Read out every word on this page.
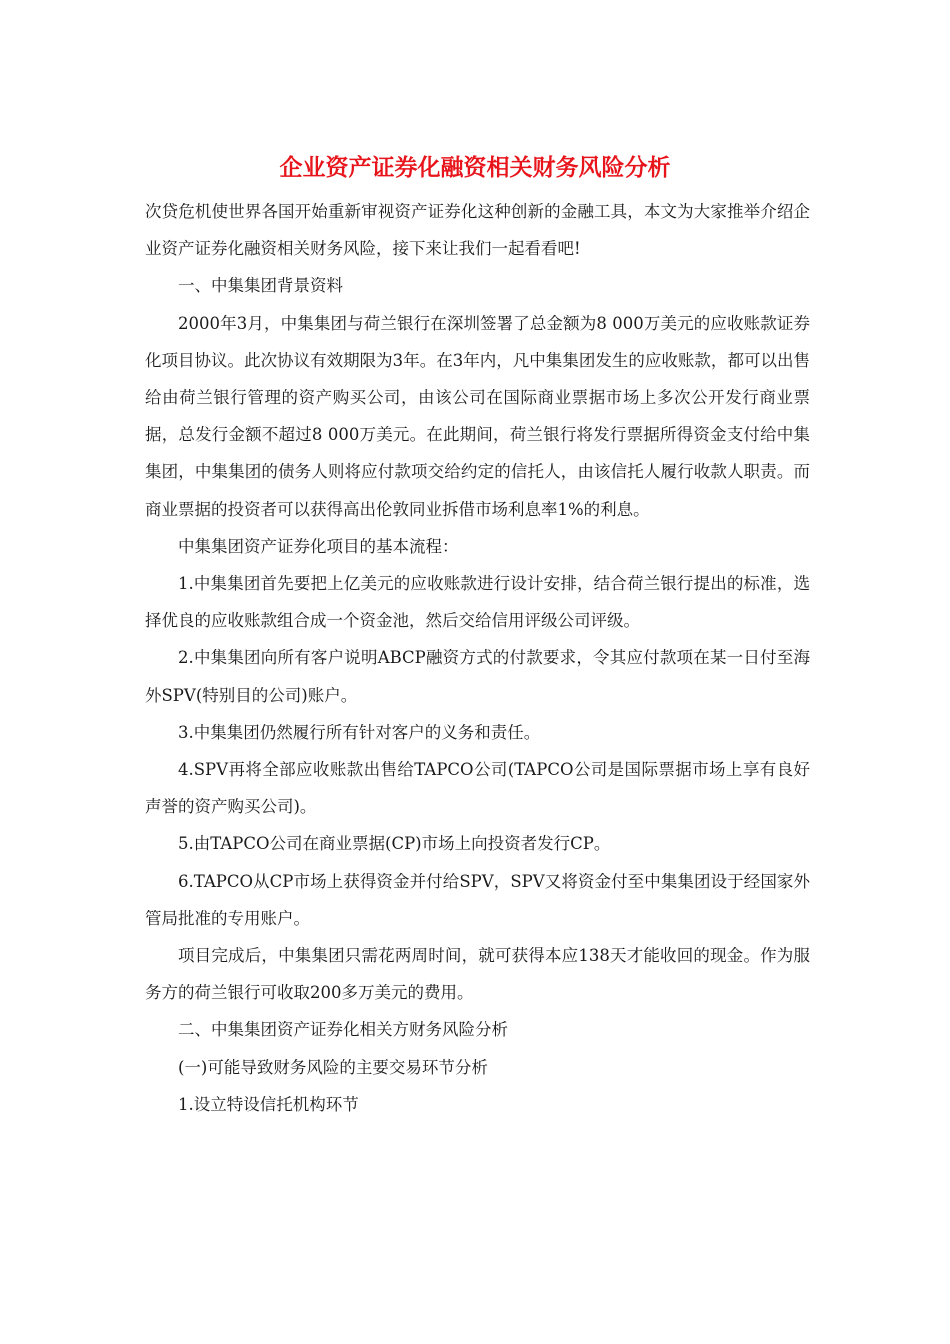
企业资产证券化融资相关财务风险分析

次贷危机使世界各国开始重新审视资产证券化这种创新的金融工具，本文为大家推举介绍企业资产证券化融资相关财务风险，接下来让我们一起看看吧!

一、中集集团背景资料

2000年3月，中集集团与荷兰银行在深圳签署了总金额为8 000万美元的应收账款证券化项目协议。此次协议有效期限为3年。在3年内，凡中集集团发生的应收账款，都可以出售给由荷兰银行管理的资产购买公司，由该公司在国际商业票据市场上多次公开发行商业票据，总发行金额不超过8 000万美元。在此期间，荷兰银行将发行票据所得资金支付给中集集团，中集集团的债务人则将应付款项交给约定的信托人，由该信托人履行收款人职责。而商业票据的投资者可以获得高出伦敦同业拆借市场利息率1%的利息。

中集集团资产证券化项目的基本流程：

1.中集集团首先要把上亿美元的应收账款进行设计安排，结合荷兰银行提出的标准，选择优良的应收账款组合成一个资金池，然后交给信用评级公司评级。

2.中集集团向所有客户说明ABCP融资方式的付款要求，令其应付款项在某一日付至海外SPV(特别目的公司)账户。

3.中集集团仍然履行所有针对客户的义务和责任。

4.SPV再将全部应收账款出售给TAPCO公司(TAPCO公司是国际票据市场上享有良好声誉的资产购买公司)。

5.由TAPCO公司在商业票据(CP)市场上向投资者发行CP。

6.TAPCO从CP市场上获得资金并付给SPV，SPV又将资金付至中集集团设于经国家外管局批准的专用账户。

项目完成后，中集集团只需花两周时间，就可获得本应138天才能收回的现金。作为服务方的荷兰银行可收取200多万美元的费用。

二、中集集团资产证券化相关方财务风险分析

(一)可能导致财务风险的主要交易环节分析

1.设立特设信托机构环节
